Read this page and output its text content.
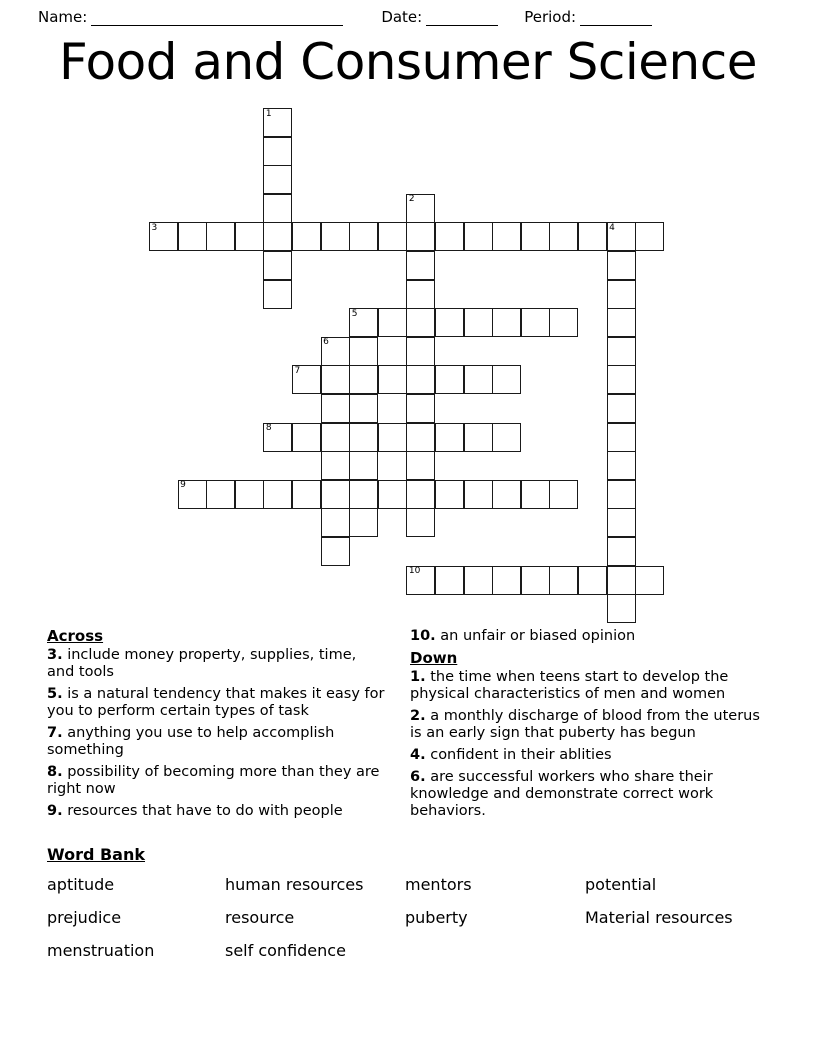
Name:	Date:	Period:
Food and Consumer Science
1
2
3	4
5
6
7
8
9
10
Across
3. include money property, supplies, time, and tools
5. is a natural tendency that makes it easy for you to perform certain types of task
7. anything you use to help accomplish something
8. possibility of becoming more than they are right now
9. resources that have to do with people
10. an unfair or biased opinion
Down
1. the time when teens start to develop the physical characteristics of men and women
2. a monthly discharge of blood from the uterus is an early sign that puberty has begun
4. confident in their ablities
6. are successful workers who share their knowledge and demonstrate correct work behaviors.
Word Bank
aptitude	human resources	mentors	potential
prejudice	resource	puberty	Material resources
menstruation	self confidence
